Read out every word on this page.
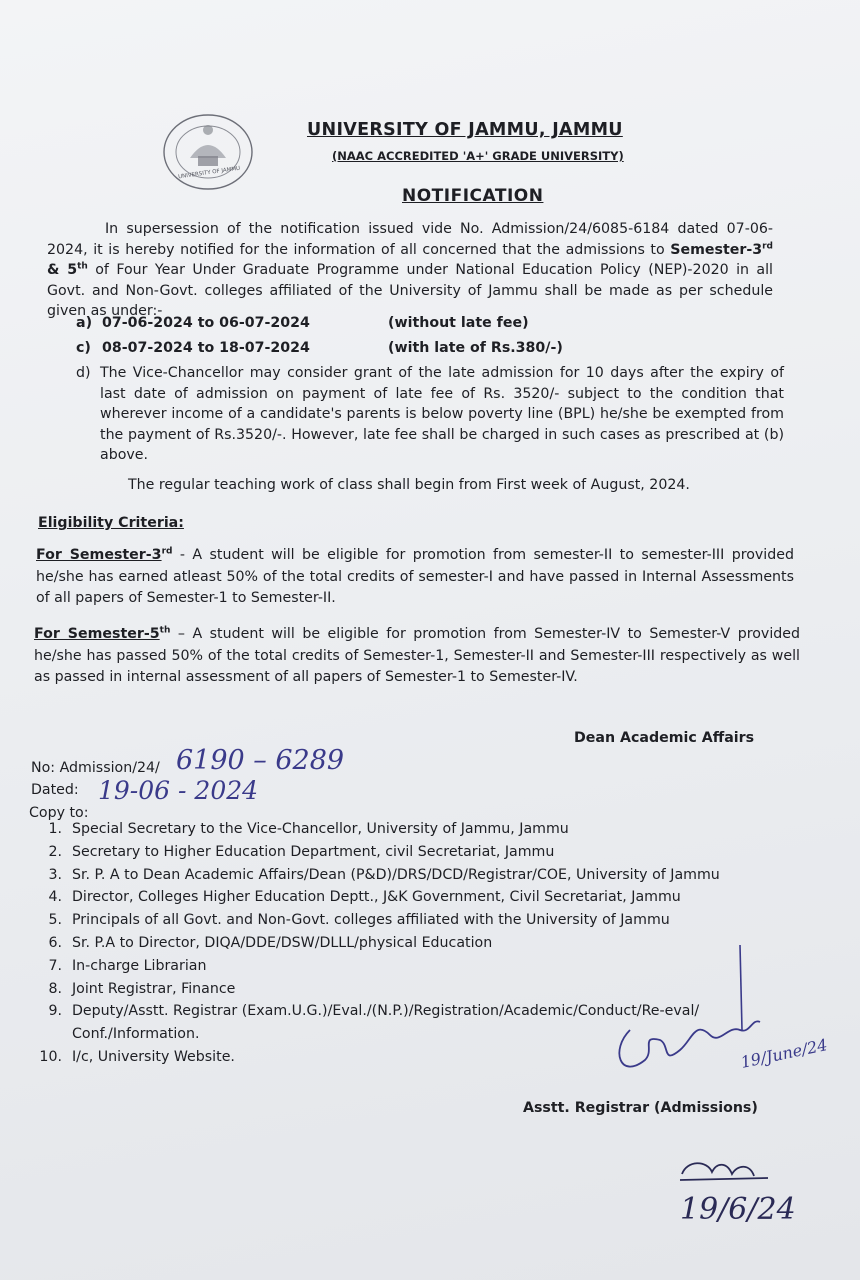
UNIVERSITY OF JAMMU
UNIVERSITY OF JAMMU, JAMMU
(NAAC ACCREDITED 'A+' GRADE UNIVERSITY)
NOTIFICATION
In supersession of the notification issued vide No. Admission/24/6085-6184 dated 07-06-2024, it is hereby notified for the information of all concerned that the admissions to Semester-3rd & 5th of Four Year Under Graduate Programme under National Education Policy (NEP)-2020 in all Govt. and Non-Govt. colleges affiliated of the University of Jammu shall be made as per schedule given as under:-
a) 07-06-2024 to 06-07-2024	(without late fee)
c) 08-07-2024 to 18-07-2024	(with late of Rs.380/-)
d) The Vice-Chancellor may consider grant of the late admission for 10 days after the expiry of last date of admission on payment of late fee of Rs. 3520/- subject to the condition that wherever income of a candidate's parents is below poverty line (BPL) he/she be exempted from the payment of Rs.3520/-. However, late fee shall be charged in such cases as prescribed at (b) above.
The regular teaching work of class shall begin from First week of August, 2024.
Eligibility Criteria:
For Semester-3rd - A student will be eligible for promotion from semester-II to semester-III provided he/she has earned atleast 50% of the total credits of semester-I and have passed in Internal Assessments of all papers of Semester-1 to Semester-II.
For Semester-5th – A student will be eligible for promotion from Semester-IV to Semester-V provided he/she has passed 50% of the total credits of Semester-1, Semester-II and Semester-III respectively as well as passed in internal assessment of all papers of Semester-1 to Semester-IV.
Dean Academic Affairs
No: Admission/24/ 6190 – 6289
Dated: 19-06 - 2024
Copy to:
1. Special Secretary to the Vice-Chancellor, University of Jammu, Jammu
2. Secretary to Higher Education Department, civil Secretariat, Jammu
3. Sr. P. A to Dean Academic Affairs/Dean (P&D)/DRS/DCD/Registrar/COE, University of Jammu
4. Director, Colleges Higher Education Deptt., J&K Government, Civil Secretariat, Jammu
5. Principals of all Govt. and Non-Govt. colleges affiliated with the University of Jammu
6. Sr. P.A to Director, DIQA/DDE/DSW/DLLL/physical Education
7. In-charge Librarian
8. Joint Registrar, Finance
9. Deputy/Asstt. Registrar (Exam.U.G.)/Eval./(N.P.)/Registration/Academic/Conduct/Re-eval/
Conf./Information.
10. I/c, University Website.	19/June/24
Asstt. Registrar (Admissions)
19/6/24
